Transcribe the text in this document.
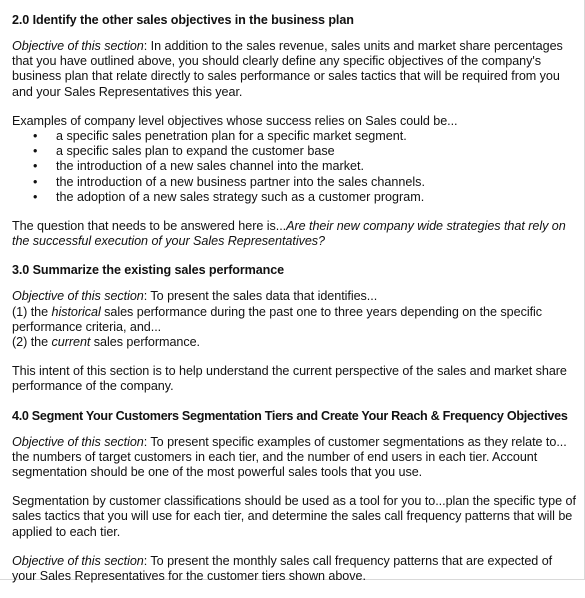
2.0 Identify the other sales objectives in the business plan

Objective of this section: In addition to the sales revenue, sales units and market share percentages that you have outlined above, you should clearly define any specific objectives of the company's business plan that relate directly to sales performance or sales tactics that will be required from you and your Sales Representatives this year.

Examples of company level objectives whose success relies on Sales could be...

• a specific sales penetration plan for a specific market segment.
• a specific sales plan to expand the customer base
• the introduction of a new sales channel into the market.
• the introduction of a new business partner into the sales channels.
• the adoption of a new sales strategy such as a customer program.

The question that needs to be answered here is...Are their new company wide strategies that rely on the successful execution of your Sales Representatives?

3.0 Summarize the existing sales performance

Objective of this section: To present the sales data that identifies...

(1) the historical sales performance during the past one to three years depending on the specific performance criteria, and...

(2) the current sales performance.

This intent of this section is to help understand the current perspective of the sales and market share performance of the company.

4.0 Segment Your Customers Segmentation Tiers and Create Your Reach & Frequency Objectives

Objective of this section: To present specific examples of customer segmentations as they relate to... the numbers of target customers in each tier, and the number of end users in each tier. Account segmentation should be one of the most powerful sales tools that you use.

Segmentation by customer classifications should be used as a tool for you to...plan the specific type of sales tactics that you will use for each tier, and determine the sales call frequency patterns that will be applied to each tier.

Objective of this section: To present the monthly sales call frequency patterns that are expected of your Sales Representatives for the customer tiers shown above.
